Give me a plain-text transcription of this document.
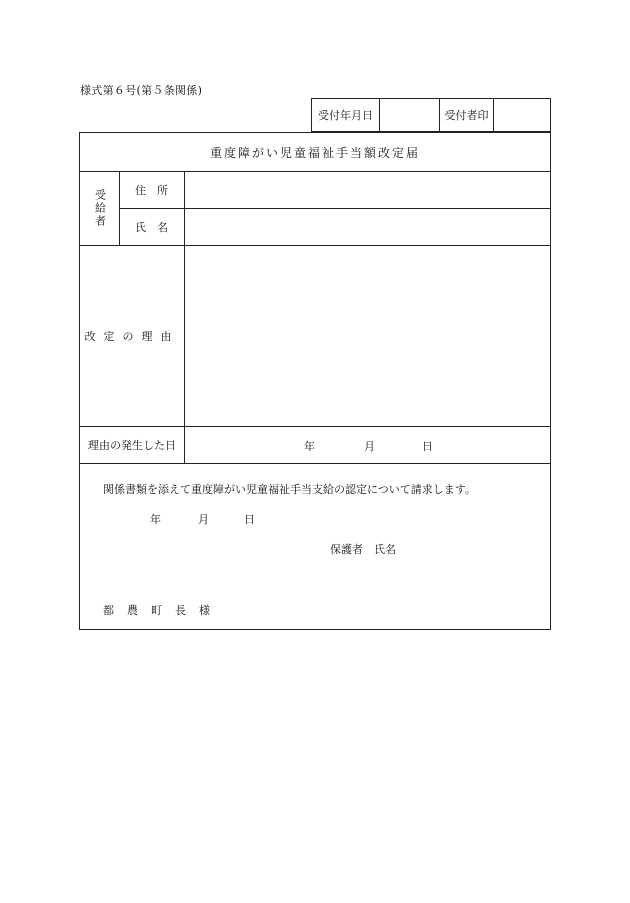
様式第６号(第５条関係)
受付年月日	受付者印
重度障がい児童福祉手当額改定届
受給者	住　所
氏　名
改定の理由
理由の発生した日	年	月	日
関係書類を添えて重度障がい児童福祉手当支給の認定について請求します。
年	月	日
保護者　氏名
都　農　町　長　様
